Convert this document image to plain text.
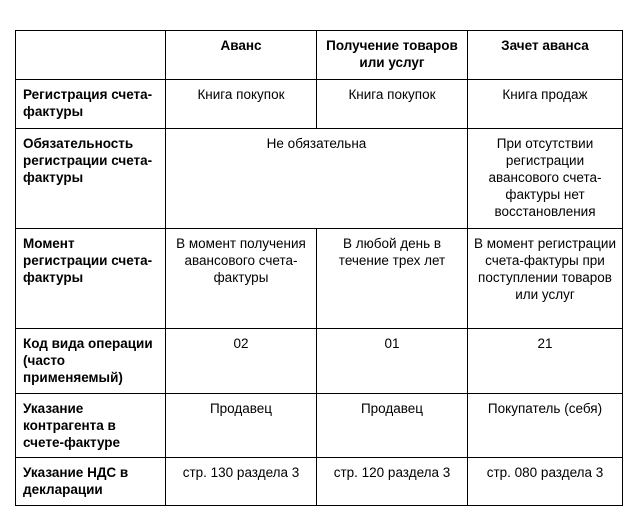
	Аванс	Получение товаров или услуг	Зачет аванса
Регистрация счета-фактуры	Книга покупок	Книга покупок	Книга продаж
Обязательность регистрации счета-фактуры	Не обязательна		При отсутствии регистрации авансового счета-фактуры нет восстановления
Момент регистрации счета-фактуры	В момент получения авансового счета-фактуры	В любой день в течение трех лет	В момент регистрации счета-фактуры при поступлении товаров или услуг
Код вида операции (часто применяемый)	02	01	21
Указание контрагента в счете-фактуре	Продавец	Продавец	Покупатель (себя)
Указание НДС в декларации	стр. 130 раздела 3	стр. 120 раздела 3	стр. 080 раздела 3
